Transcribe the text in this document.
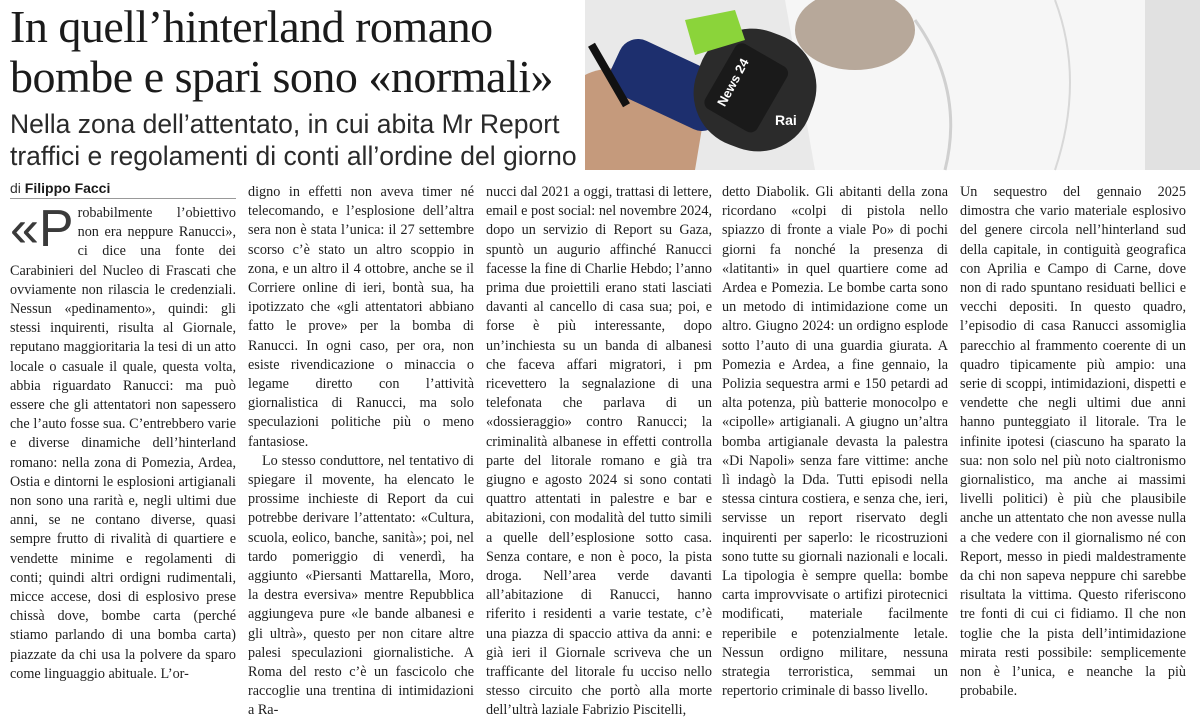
In quell’hinterland romano
bombe e spari sono «normali»
Nella zona dell’attentato, in cui abita Mr Report
traffici e regolamenti di conti all’ordine del giorno
News 24
Rai
di Filippo Facci
«P robabilmente l’obiettivo non era neppure Ranucci», ci dice una fonte dei Carabinieri del Nucleo di Frascati che ovviamente non rilascia le credenziali. Nessun «pedinamento», quindi: gli stessi inquirenti, risulta al Giornale, reputano maggioritaria la tesi di un atto locale o casuale il quale, questa volta, abbia riguardato Ranucci: ma può essere che gli attentatori non sapessero che l’auto fosse sua. C’entrebbero varie e diverse dinamiche dell’hinterland romano: nella zona di Pomezia, Ardea, Ostia e dintorni le esplosioni artigianali non sono una rarità e, negli ultimi due anni, se ne contano diverse, quasi sempre frutto di rivalità di quartiere e vendette minime e regolamenti di conti; quindi altri ordigni rudimentali, micce accese, dosi di esplosivo prese chissà dove, bombe carta (perché stiamo parlando di una bomba carta) piazzate da chi usa la polvere da sparo come linguaggio abituale. L’or-

digno in effetti non aveva timer né telecomando, e l’esplosione dell’altra sera non è stata l’unica: il 27 settembre scorso c’è stato un altro scoppio in zona, e un altro il 4 ottobre, anche se il Corriere online di ieri, bontà sua, ha ipotizzato che «gli attentatori abbiano fatto le prove» per la bomba di Ranucci. In ogni caso, per ora, non esiste rivendicazione o minaccia o legame diretto con l’attività giornalistica di Ranucci, ma solo speculazioni politiche più o meno fantasiose.

Lo stesso conduttore, nel tentativo di spiegare il movente, ha elencato le prossime inchieste di Report da cui potrebbe derivare l’attentato: «Cultura, scuola, eolico, banche, sanità»; poi, nel tardo pomeriggio di venerdì, ha aggiunto «Piersanti Mattarella, Moro, la destra eversiva» mentre Repubblica aggiungeva pure «le bande albanesi e gli ultrà», questo per non citare altre palesi speculazioni giornalistiche. A Roma del resto c’è un fascicolo che raccoglie una trentina di intimidazioni a Ra-

nucci dal 2021 a oggi, trattasi di lettere, email e post social: nel novembre 2024, dopo un servizio di Report su Gaza, spuntò un augurio affinché Ranucci facesse la fine di Charlie Hebdo; l’anno prima due proiettili erano stati lasciati davanti al cancello di casa sua; poi, e forse è più interessante, dopo un’inchiesta su un banda di albanesi che faceva affari migratori, i pm ricevettero la segnalazione di una telefonata che parlava di un «dossieraggio» contro Ranucci; la criminalità albanese in effetti controlla parte del litorale romano e già tra giugno e agosto 2024 si sono contati quattro attentati in palestre e bar e abitazioni, con modalità del tutto simili a quelle dell’esplosione sotto casa. Senza contare, e non è poco, la pista droga. Nell’area verde davanti all’abitazione di Ranucci, hanno riferito i residenti a varie testate, c’è una piazza di spaccio attiva da anni: e già ieri il Giornale scriveva che un trafficante del litorale fu ucciso nello stesso circuito che portò alla morte dell’ultrà laziale Fabrizio Piscitelli,

detto Diabolik. Gli abitanti della zona ricordano «colpi di pistola nello spiazzo di fronte a viale Po» di pochi giorni fa nonché la presenza di «latitanti» in quel quartiere come ad Ardea e Pomezia. Le bombe carta sono un metodo di intimidazione come un altro. Giugno 2024: un ordigno esplode sotto l’auto di una guardia giurata. A Pomezia e Ardea, a fine gennaio, la Polizia sequestra armi e 150 petardi ad alta potenza, più batterie monocolpo e «cipolle» artigianali. A giugno un’altra bomba artigianale devasta la palestra «Di Napoli» senza fare vittime: anche lì indagò la Dda. Tutti episodi nella stessa cintura costiera, e senza che, ieri, servisse un report riservato degli inquirenti per saperlo: le ricostruzioni sono tutte su giornali nazionali e locali. La tipologia è sempre quella: bombe carta improvvisate o artifizi pirotecnici modificati, materiale facilmente reperibile e potenzialmente letale. Nessun ordigno militare, nessuna strategia terroristica, semmai un repertorio criminale di basso livello.

Un sequestro del gennaio 2025 dimostra che vario materiale esplosivo del genere circola nell’hinterland sud della capitale, in contiguità geografica con Aprilia e Campo di Carne, dove non di rado spuntano residuati bellici e vecchi depositi. In questo quadro, l’episodio di casa Ranucci assomiglia parecchio al frammento coerente di un quadro tipicamente più ampio: una serie di scoppi, intimidazioni, dispetti e vendette che negli ultimi due anni hanno punteggiato il litorale. Tra le infinite ipotesi (ciascuno ha sparato la sua: non solo nel più noto cialtronismo giornalistico, ma anche ai massimi livelli politici) è più che plausibile anche un attentato che non avesse nulla a che vedere con il giornalismo né con Report, messo in piedi maldestramente da chi non sapeva neppure chi sarebbe risultata la vittima. Questo riferiscono tre fonti di cui ci fidiamo. Il che non toglie che la pista dell’intimidazione mirata resti possibile: semplicemente non è l’unica, e neanche la più probabile.
